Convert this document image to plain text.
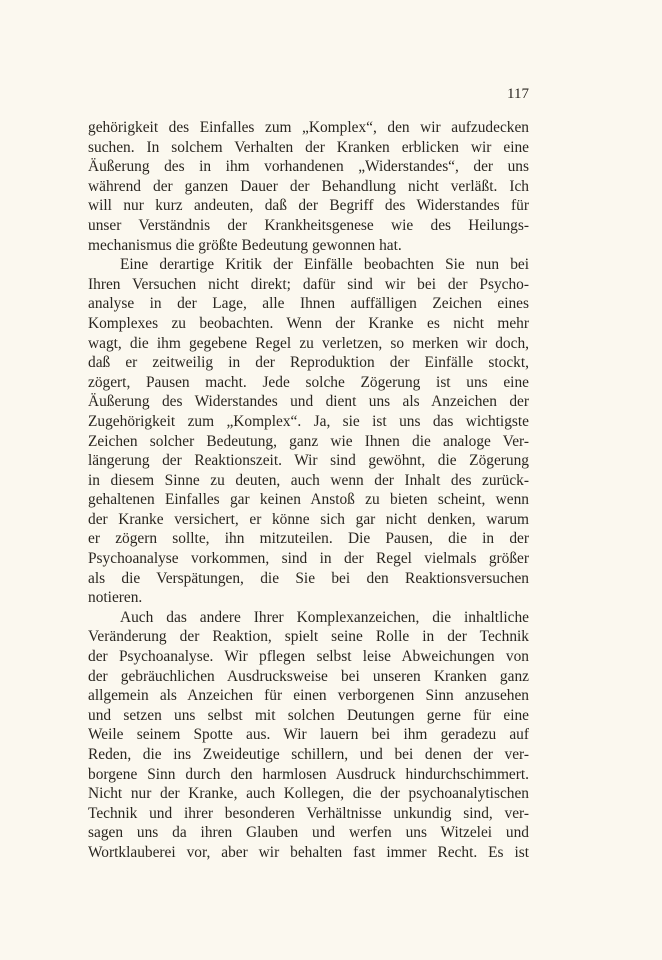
117
gehörigkeit des Einfalles zum „Komplex“, den wir aufzudecken
suchen. In solchem Verhalten der Kranken erblicken wir eine
Äußerung des in ihm vorhandenen „Widerstandes“, der uns
während der ganzen Dauer der Behandlung nicht verläßt. Ich
will nur kurz andeuten, daß der Begriff des Widerstandes für
unser Verständnis der Krankheitsgenese wie des Heilungs-
mechanismus die größte Bedeutung gewonnen hat.
Eine derartige Kritik der Einfälle beobachten Sie nun bei
Ihren Versuchen nicht direkt; dafür sind wir bei der Psycho-
analyse in der Lage, alle Ihnen auffälligen Zeichen eines
Komplexes zu beobachten. Wenn der Kranke es nicht mehr
wagt, die ihm gegebene Regel zu verletzen, so merken wir doch,
daß er zeitweilig in der Reproduktion der Einfälle stockt,
zögert, Pausen macht. Jede solche Zögerung ist uns eine
Äußerung des Widerstandes und dient uns als Anzeichen der
Zugehörigkeit zum „Komplex“. Ja, sie ist uns das wichtigste
Zeichen solcher Bedeutung, ganz wie Ihnen die analoge Ver-
längerung der Reaktionszeit. Wir sind gewöhnt, die Zögerung
in diesem Sinne zu deuten, auch wenn der Inhalt des zurück-
gehaltenen Einfalles gar keinen Anstoß zu bieten scheint, wenn
der Kranke versichert, er könne sich gar nicht denken, warum
er zögern sollte, ihn mitzuteilen. Die Pausen, die in der
Psychoanalyse vorkommen, sind in der Regel vielmals größer
als die Verspätungen, die Sie bei den Reaktionsversuchen
notieren.
Auch das andere Ihrer Komplexanzeichen, die inhaltliche
Veränderung der Reaktion, spielt seine Rolle in der Technik
der Psychoanalyse. Wir pflegen selbst leise Abweichungen von
der gebräuchlichen Ausdrucksweise bei unseren Kranken ganz
allgemein als Anzeichen für einen verborgenen Sinn anzusehen
und setzen uns selbst mit solchen Deutungen gerne für eine
Weile seinem Spotte aus. Wir lauern bei ihm geradezu auf
Reden, die ins Zweideutige schillern, und bei denen der ver-
borgene Sinn durch den harmlosen Ausdruck hindurchschimmert.
Nicht nur der Kranke, auch Kollegen, die der psychoanalytischen
Technik und ihrer besonderen Verhältnisse unkundig sind, ver-
sagen uns da ihren Glauben und werfen uns Witzelei und
Wortklauberei vor, aber wir behalten fast immer Recht. Es ist
